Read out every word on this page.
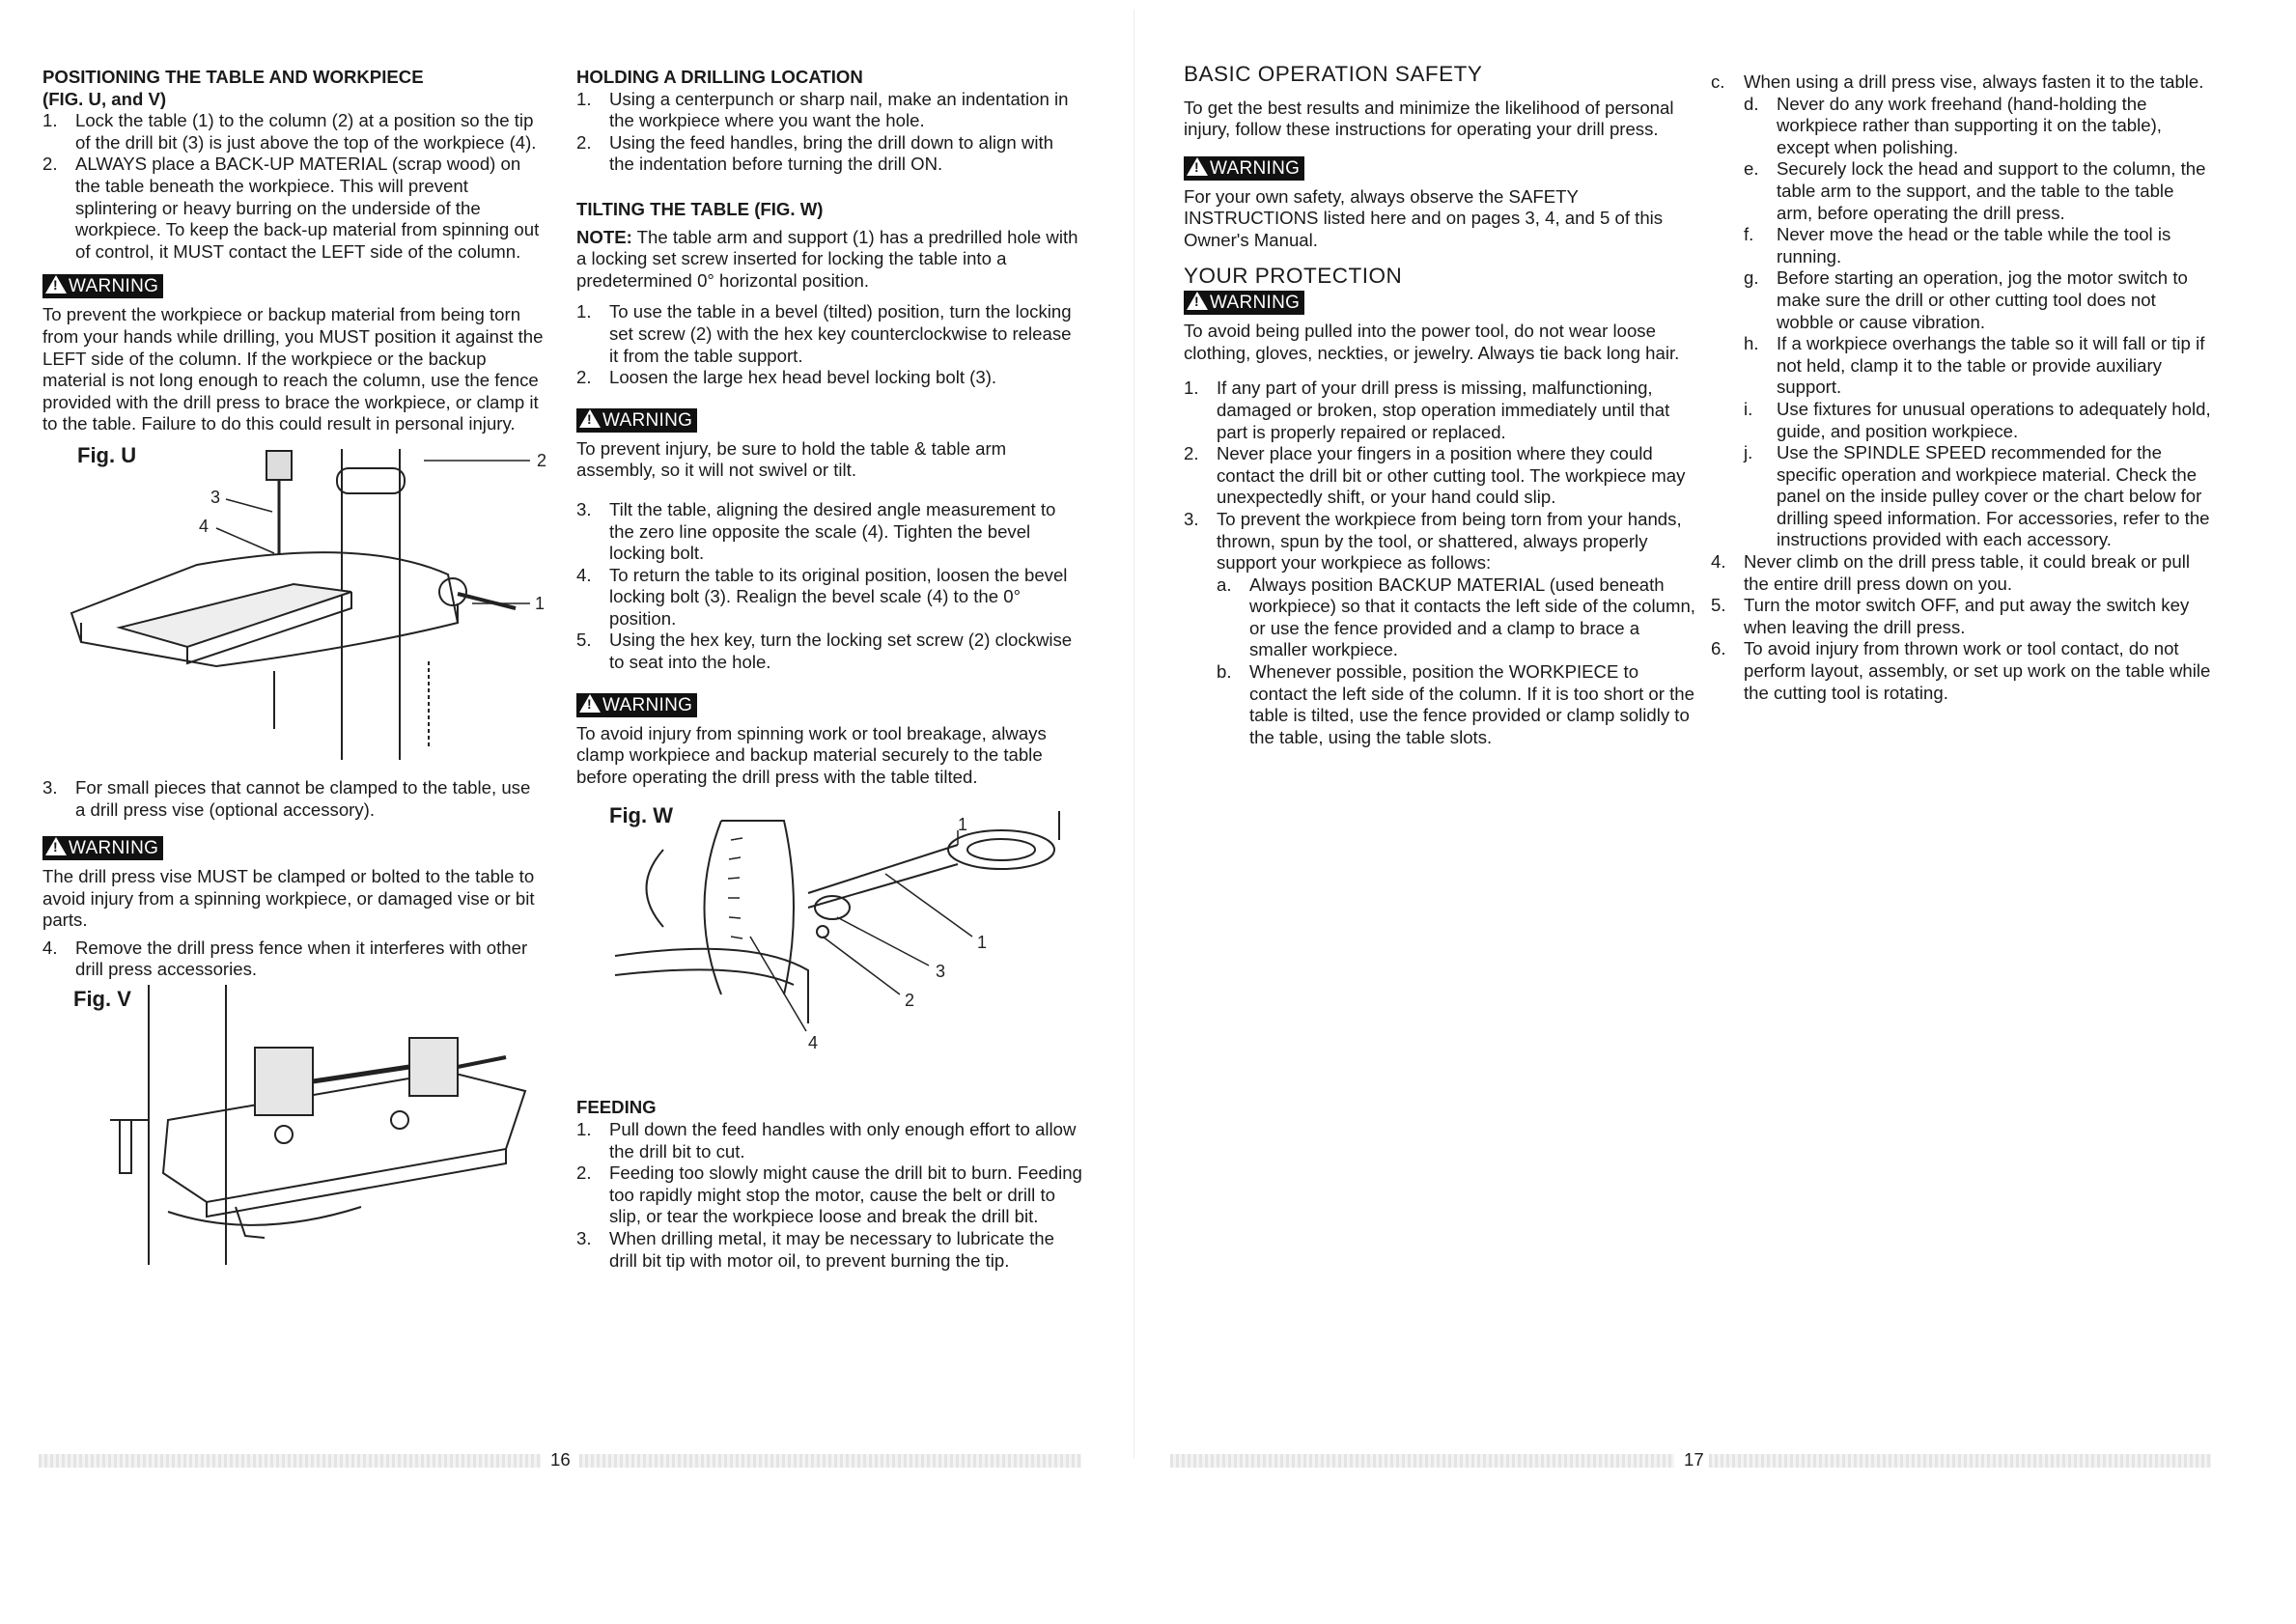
POSITIONING THE TABLE AND WORKPIECE

(FIG. U, and V)

1. Lock the table (1) to the column (2) at a position so the tip of the drill bit (3) is just above the top of the workpiece (4).
2. ALWAYS place a BACK-UP MATERIAL (scrap wood) on the table beneath the workpiece. This will prevent splintering or heavy burring on the underside of the workpiece. To keep the back-up material from spinning out of control, it MUST contact the LEFT side of the column.
!WARNING

To prevent the workpiece or backup material from being torn from your hands while drilling, you MUST position it against the LEFT side of the column. If the workpiece or the backup material is not long enough to reach the column, use the fence provided with the drill press to brace the workpiece, or clamp it to the table. Failure to do this could result in personal injury.

Fig. U	2
3
4
1
3. For small pieces that cannot be clamped to the table, use a drill press vise (optional accessory).
!WARNING

The drill press vise MUST be clamped or bolted to the table to avoid injury from a spinning workpiece, or damaged vise or bit parts.

4. Remove the drill press fence when it interferes with other drill press accessories.
Fig. V

HOLDING A DRILLING LOCATION

1. Using a centerpunch or sharp nail, make an indentation in the workpiece where you want the hole.
2. Using the feed handles, bring the drill down to align with the indentation before turning the drill ON.

TILTING THE TABLE (FIG. W)

NOTE: The table arm and support (1) has a predrilled hole with a locking set screw inserted for locking the table into a predetermined 0° horizontal position.

1. To use the table in a bevel (tilted) position, turn the locking set screw (2) with the hex key counterclockwise to release it from the table support.
2. Loosen the large hex head bevel locking bolt (3).
!WARNING

To prevent injury, be sure to hold the table & table arm assembly, so it will not swivel or tilt.

3. Tilt the table, aligning the desired angle measurement to the zero line opposite the scale (4). Tighten the bevel locking bolt.
4. To return the table to its original position, loosen the bevel locking bolt (3). Realign the bevel scale (4) to the 0° position.
5. Using the hex key, turn the locking set screw (2) clockwise to seat into the hole.
!WARNING

To avoid injury from spinning work or tool breakage, always clamp workpiece and backup material securely to the table before operating the drill press with the table tilted.

Fig. W	1
1
3
2
4

FEEDING

1. Pull down the feed handles with only enough effort to allow the drill bit to cut.
2. Feeding too slowly might cause the drill bit to burn. Feeding too rapidly might stop the motor, cause the belt or drill to slip, or tear the workpiece loose and break the drill bit.
3. When drilling metal, it may be necessary to lubricate the drill bit tip with motor oil, to prevent burning the tip.
16

BASIC OPERATION SAFETY

To get the best results and minimize the likelihood of personal injury, follow these instructions for operating your drill press.

!WARNING

For your own safety, always observe the SAFETY INSTRUCTIONS listed here and on pages 3, 4, and 5 of this Owner's Manual.

YOUR PROTECTION

!WARNING

To avoid being pulled into the power tool, do not wear loose clothing, gloves, neckties, or jewelry. Always tie back long hair.

1. If any part of your drill press is missing, malfunctioning, damaged or broken, stop operation immediately until that part is properly repaired or replaced.
2. Never place your fingers in a position where they could contact the drill bit or other cutting tool. The workpiece may unexpectedly shift, or your hand could slip.
3. To prevent the workpiece from being torn from your hands, thrown, spun by the tool, or shattered, always properly support your workpiece as follows:
a. Always position BACKUP MATERIAL (used beneath workpiece) so that it contacts the left side of the column, or use the fence provided and a clamp to brace a smaller workpiece.
b. Whenever possible, position the WORKPIECE to contact the left side of the column. If it is too short or the table is tilted, use the fence provided or clamp solidly to the table, using the table slots.
c.	When using a drill press vise, always fasten it to the table.
d. Never do any work freehand (hand-holding the workpiece rather than supporting it on the table), except when polishing.
e. Securely lock the head and support to the column, the table arm to the support, and the table to the table arm, before operating the drill press.
f.	Never move the head or the table while the tool is running.
g. Before starting an operation, jog the motor switch to make sure the drill or other cutting tool does not wobble or cause vibration.
h. If a workpiece overhangs the table so it will fall or tip if not held, clamp it to the table or provide auxiliary support.
i.	Use fixtures for unusual operations to adequately hold, guide, and position workpiece.
j.	Use the SPINDLE SPEED recommended for the specific operation and workpiece material. Check the panel on the inside pulley cover or the chart below for drilling speed information. For accessories, refer to the instructions provided with each accessory.
4. Never climb on the drill press table, it could break or pull the entire drill press down on you.
5. Turn the motor switch OFF, and put away the switch key when leaving the drill press.
6. To avoid injury from thrown work or tool contact, do not perform layout, assembly, or set up work on the table while the cutting tool is rotating.
17
